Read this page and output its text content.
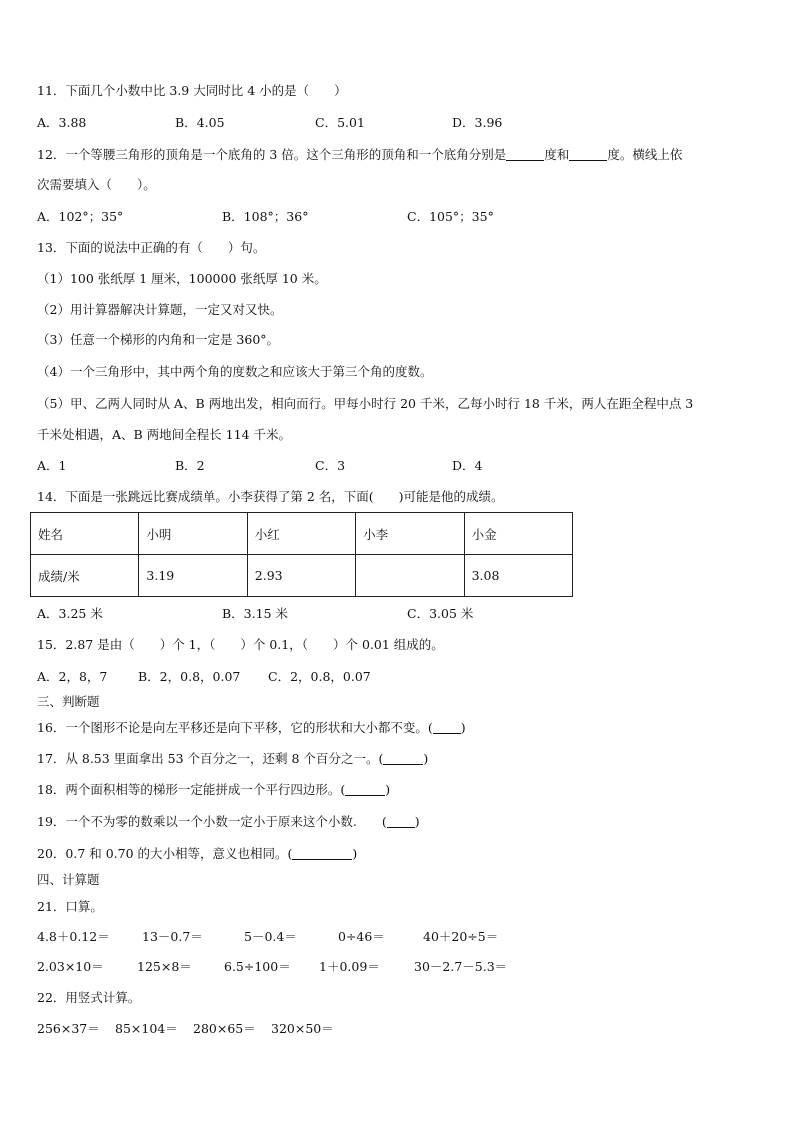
11．下面几个小数中比 3.9 大同时比 4 小的是（　　）
A．3.88	B．4.05	C．5.01	D．3.96
12．一个等腰三角形的顶角是一个底角的 3 倍。这个三角形的顶角和一个底角分别是	度和	度。横线上依
次需要填入（　　）。
A．102°；35°	B．108°；36°	C．105°；35°
13．下面的说法中正确的有（　　）句。
（1）100 张纸厚 1 厘米，100000 张纸厚 10 米。
（2）用计算器解决计算题，一定又对又快。
（3）任意一个梯形的内角和一定是 360°。
（4）一个三角形中，其中两个角的度数之和应该大于第三个角的度数。
（5）甲、乙两人同时从 A、B 两地出发，相向而行。甲每小时行 20 千米，乙每小时行 18 千米，两人在距全程中点 3
千米处相遇，A、B 两地间全程长 114 千米。
A．1	B．2	C．3	D．4
14．下面是一张跳远比赛成绩单。小李获得了第 2 名，下面(　　)可能是他的成绩。
姓名	小明	小红	小李	小金
成绩/米	3.19	2.93		3.08
A．3.25 米	B．3.15 米	C．3.05 米
15．2.87 是由（　　）个 1，（　　）个 0.1，（　　）个 0.01 组成的。
A．2，8，7 B．2，0.8，0.07 C．2，0.8，0.07
三、判断题
16．一个图形不论是向左平移还是向下平移，它的形状和大小都不变。( )
17．从 8.53 里面拿出 53 个百分之一，还剩 8 个百分之一。(	)
18．两个面积相等的梯形一定能拼成一个平行四边形。(	)
19．一个不为零的数乘以一个小数一定小于原来这个小数.　　( )
20．0.7 和 0.70 的大小相等，意义也相同。(	)
四、计算题
21．口算。
4.8＋0.12＝	13－0.7＝	5－0.4＝	0÷46＝	40＋20÷5＝
2.03×10＝	125×8＝	6.5÷100＝ 1＋0.09＝	30－2.7－5.3＝
22．用竖式计算。
256×37＝ 85×104＝ 280×65＝ 320×50＝
